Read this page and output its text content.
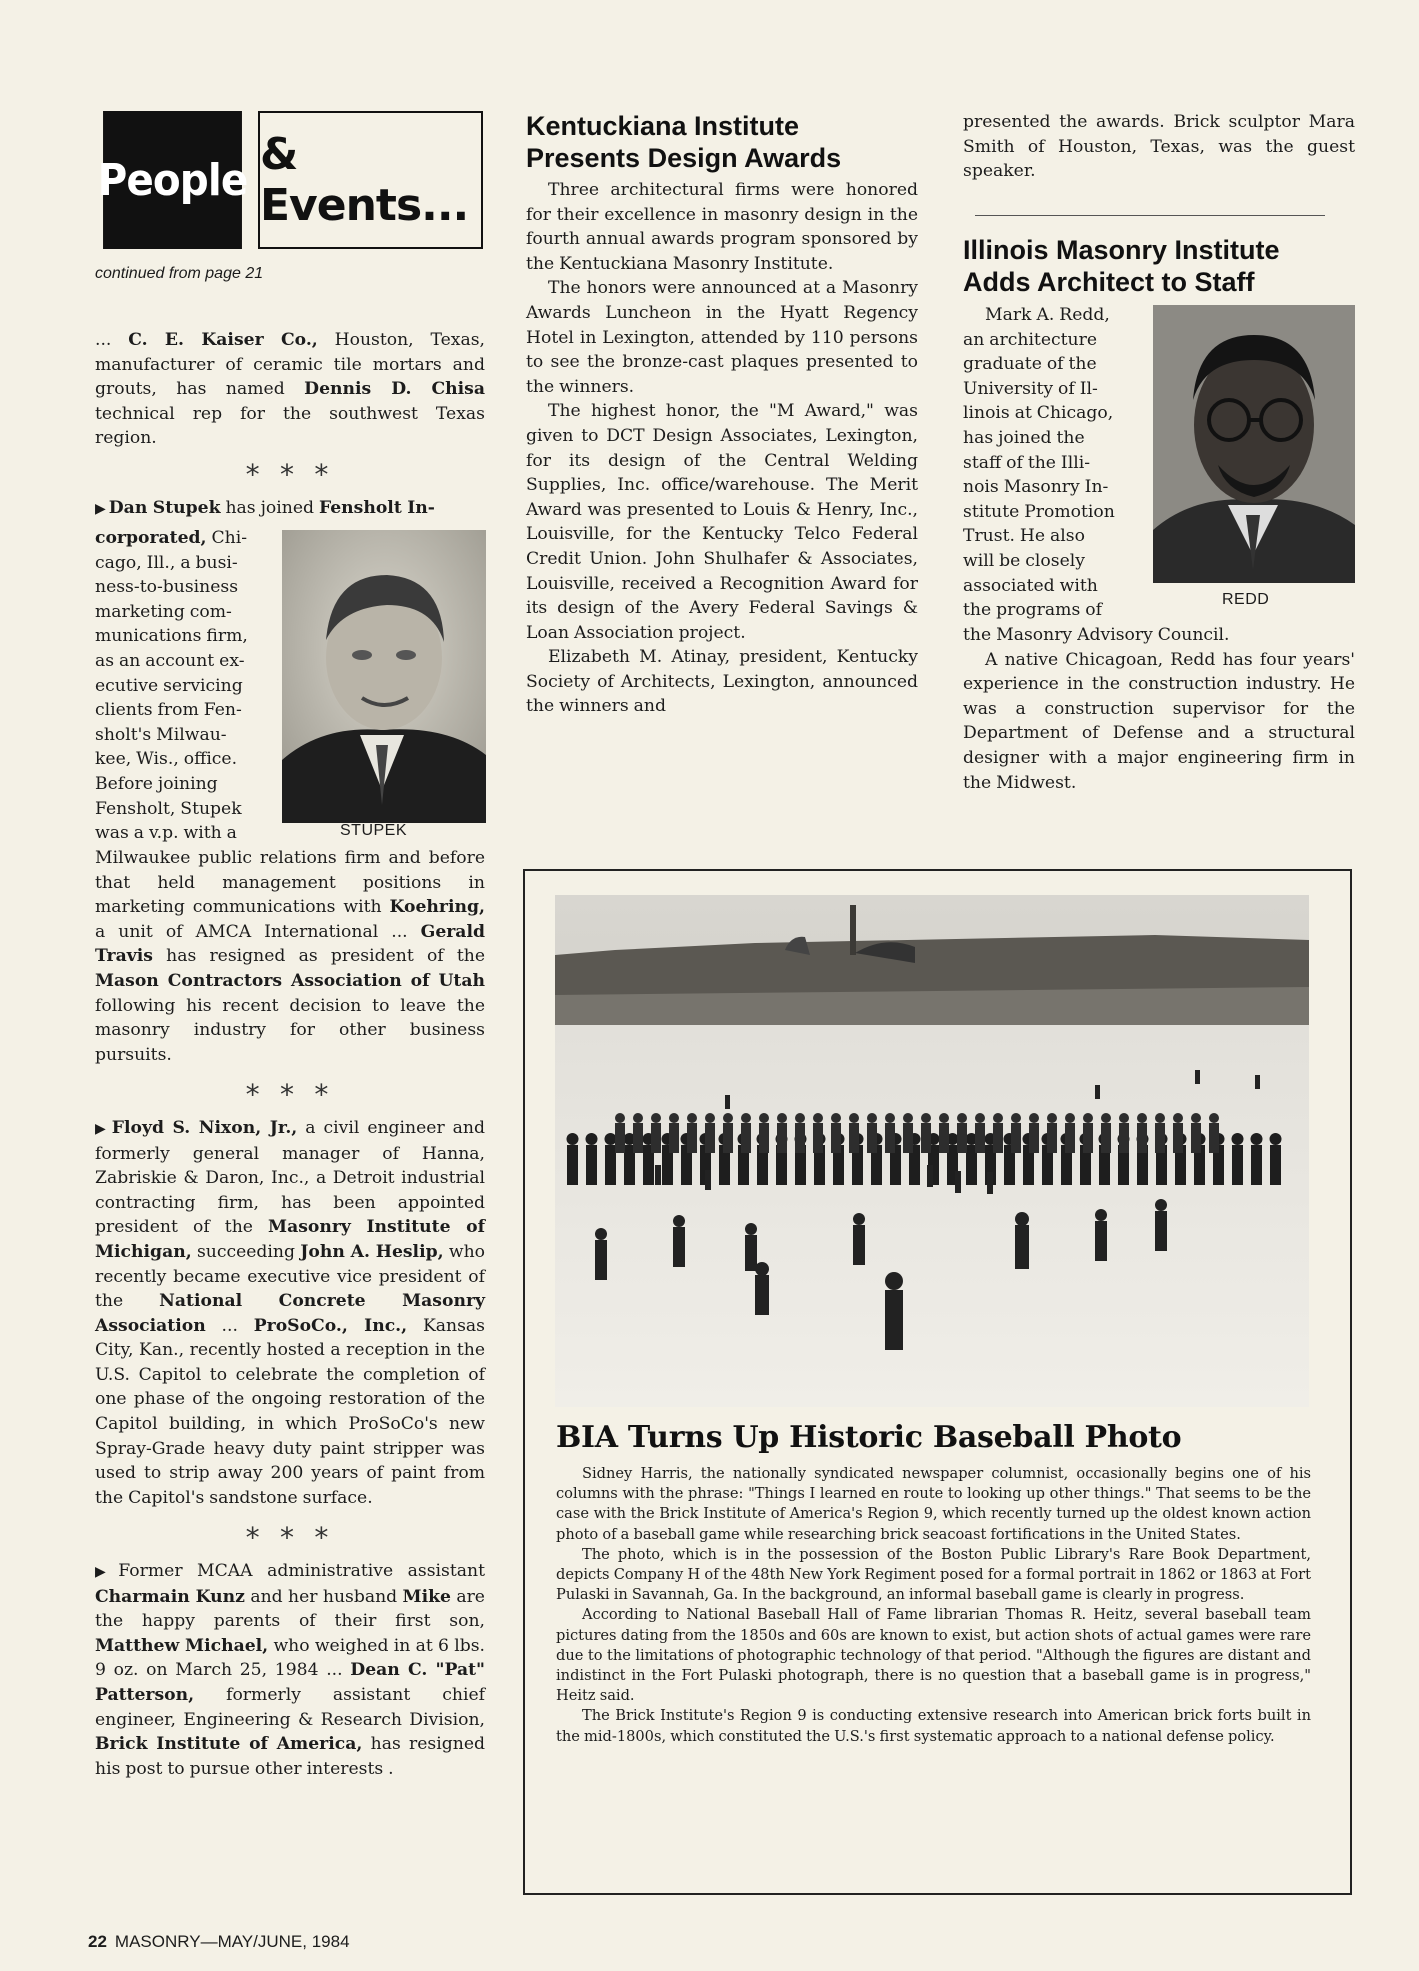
People & Events...
continued from page 21

... C. E. Kaiser Co., Houston, Texas, manufacturer of ceramic tile mortars and grouts, has named Dennis D. Chisa technical rep for the southwest Texas region.

* * *

▶ Dan Stupek has joined Fensholt In-

corporated, Chi-
cago, Ill., a busi-
ness-to-business
marketing com-
munications firm,
as an account ex-
ecutive servicing
clients from Fen-
sholt's Milwau-
kee, Wis., office.
Before joining
Fensholt, Stupek
was a v.p. with a	STUPEK

Milwaukee public relations firm and before that held management positions in marketing communications with Koehring, a unit of AMCA International ... Gerald Travis has resigned as president of the Mason Contractors Association of Utah following his recent decision to leave the masonry industry for other business pursuits.

* * *

▶ Floyd S. Nixon, Jr., a civil engineer and formerly general manager of Hanna, Zabriskie & Daron, Inc., a Detroit industrial contracting firm, has been appointed president of the Masonry Institute of Michigan, succeeding John A. Heslip, who recently became executive vice president of the National Concrete Masonry Association ... ProSoCo., Inc., Kansas City, Kan., recently hosted a reception in the U.S. Capitol to celebrate the completion of one phase of the ongoing restoration of the Capitol building, in which ProSoCo's new Spray-Grade heavy duty paint stripper was used to strip away 200 years of paint from the Capitol's sandstone surface.

* * *

▶ Former MCAA administrative assistant Charmain Kunz and her husband Mike are the happy parents of their first son, Matthew Michael, who weighed in at 6 lbs. 9 oz. on March 25, 1984 ... Dean C. "Pat" Patterson, formerly assistant chief engineer, Engineering & Research Division, Brick Institute of America, has resigned his post to pursue other interests .

Kentuckiana Institute
Presents Design Awards

Three architectural firms were honored for their excellence in masonry design in the fourth annual awards program sponsored by the Kentuckiana Masonry Institute.

The honors were announced at a Masonry Awards Luncheon in the Hyatt Regency Hotel in Lexington, attended by 110 persons to see the bronze-cast plaques presented to the winners.

The highest honor, the "M Award," was given to DCT Design Associates, Lexington, for its design of the Central Welding Supplies, Inc. office/warehouse. The Merit Award was presented to Louis & Henry, Inc., Louisville, for the Kentucky Telco Federal Credit Union. John Shulhafer & Associates, Louisville, received a Recognition Award for its design of the Avery Federal Savings & Loan Association project.

Elizabeth M. Atinay, president, Kentucky Society of Architects, Lexington, announced the winners and

presented the awards. Brick sculptor Mara Smith of Houston, Texas, was the guest speaker.

Illinois Masonry Institute
Adds Architect to Staff
Mark A. Redd,
an architecture
graduate of the
University of Il-
linois at Chicago,
has joined the
staff of the Illi-
nois Masonry In-
stitute Promotion
Trust. He also
will be closely
associated with
the programs of
REDD

the Masonry Advisory Council.

A native Chicagoan, Redd has four years' experience in the construction industry. He was a construction supervisor for the Department of Defense and a structural designer with a major engineering firm in the Midwest.

BIA Turns Up Historic Baseball Photo

Sidney Harris, the nationally syndicated newspaper columnist, occasionally begins one of his columns with the phrase: "Things I learned en route to looking up other things." That seems to be the case with the Brick Institute of America's Region 9, which recently turned up the oldest known action photo of a baseball game while researching brick seacoast fortifications in the United States.

The photo, which is in the possession of the Boston Public Library's Rare Book Department, depicts Company H of the 48th New York Regiment posed for a formal portrait in 1862 or 1863 at Fort Pulaski in Savannah, Ga. In the background, an informal baseball game is clearly in progress.

According to National Baseball Hall of Fame librarian Thomas R. Heitz, several baseball team pictures dating from the 1850s and 60s are known to exist, but action shots of actual games were rare due to the limitations of photographic technology of that period. "Although the figures are distant and indistinct in the Fort Pulaski photograph, there is no question that a baseball game is in progress," Heitz said.

The Brick Institute's Region 9 is conducting extensive research into American brick forts built in the mid-1800s, which constituted the U.S.'s first systematic approach to a national defense policy.

22 MASONRY—MAY/JUNE, 1984
